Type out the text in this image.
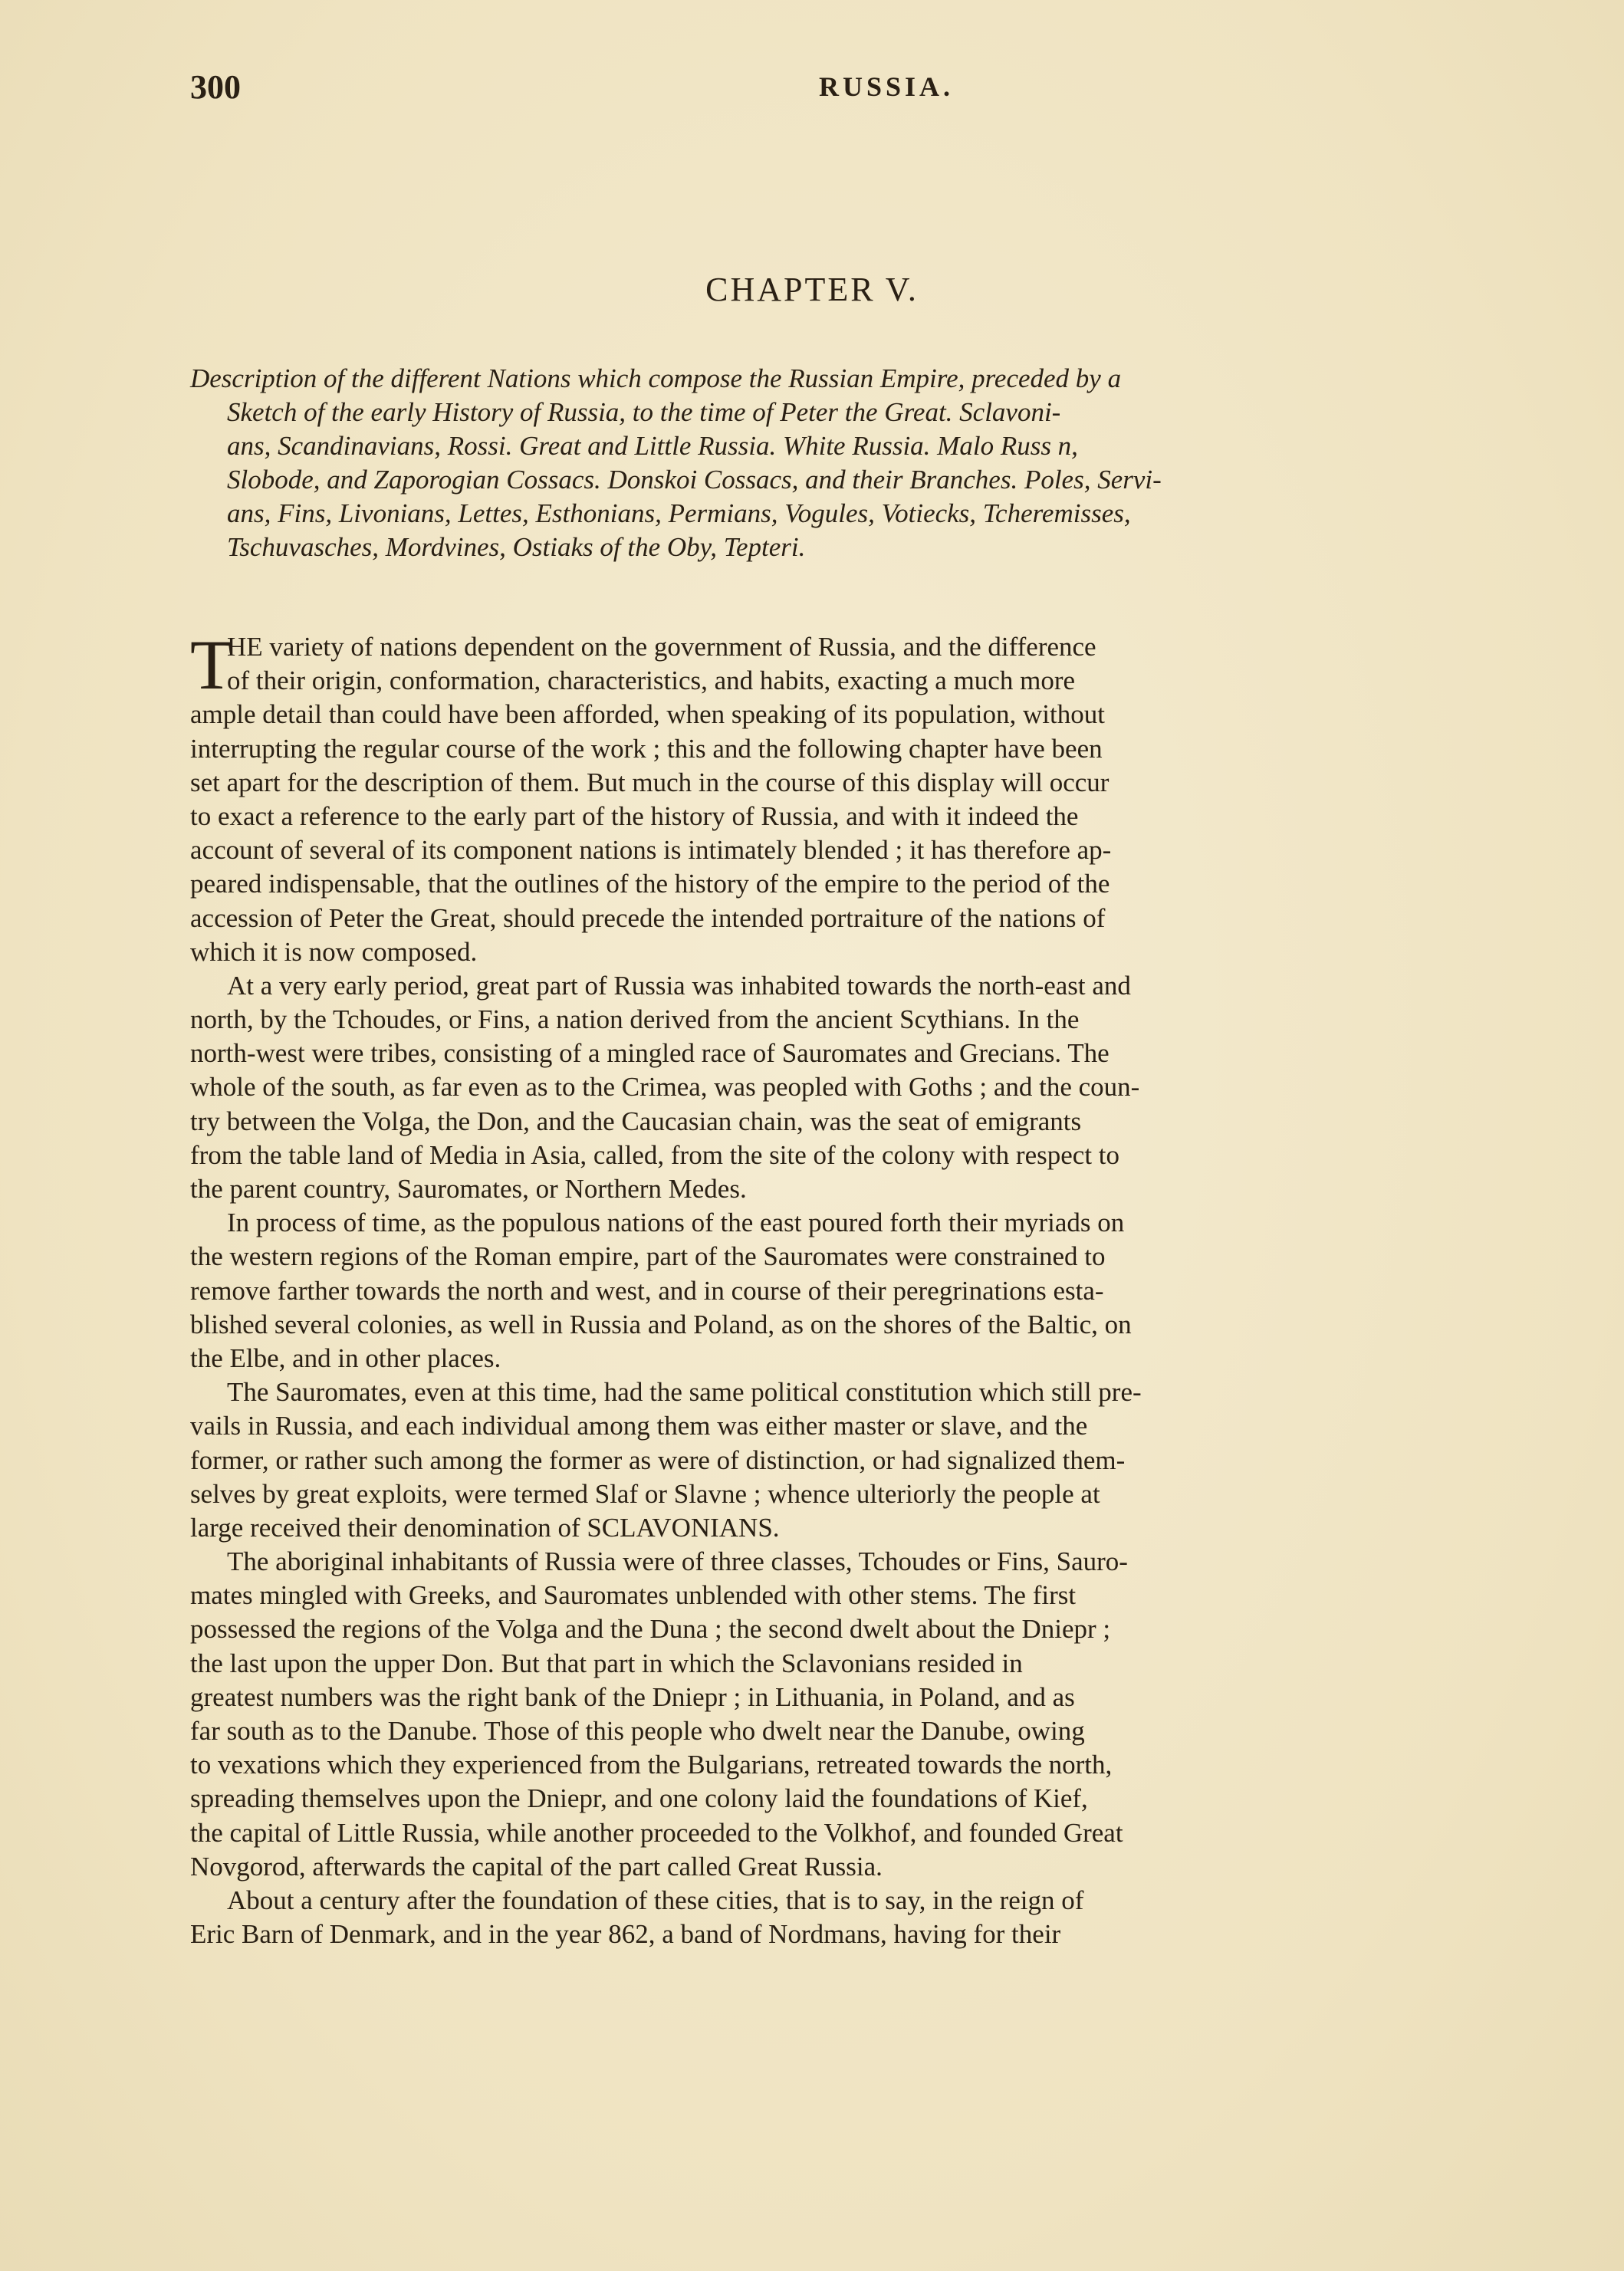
300	RUSSIA.
CHAPTER V.
Description of the different Nations which compose the Russian Empire, preceded by a
Sketch of the early History of Russia, to the time of Peter the Great. Sclavoni-
ans, Scandinavians, Rossi. Great and Little Russia. White Russia. Malo Russ n,
Slobode, and Zaporogian Cossacs. Donskoi Cossacs, and their Branches. Poles, Servi-
ans, Fins, Livonians, Lettes, Esthonians, Permians, Vogules, Votiecks, Tcheremisses,
Tschuvasches, Mordvines, Ostiaks of the Oby, Tepteri.
T
HE variety of nations dependent on the government of Russia, and the difference
of their origin, conformation, characteristics, and habits, exacting a much more
ample detail than could have been afforded, when speaking of its population, without
interrupting the regular course of the work ; this and the following chapter have been
set apart for the description of them. But much in the course of this display will occur
to exact a reference to the early part of the history of Russia, and with it indeed the
account of several of its component nations is intimately blended ; it has therefore ap-
peared indispensable, that the outlines of the history of the empire to the period of the
accession of Peter the Great, should precede the intended portraiture of the nations of
which it is now composed.
At a very early period, great part of Russia was inhabited towards the north-east and
north, by the Tchoudes, or Fins, a nation derived from the ancient Scythians. In the
north-west were tribes, consisting of a mingled race of Sauromates and Grecians. The
whole of the south, as far even as to the Crimea, was peopled with Goths ; and the coun-
try between the Volga, the Don, and the Caucasian chain, was the seat of emigrants
from the table land of Media in Asia, called, from the site of the colony with respect to
the parent country, Sauromates, or Northern Medes.
In process of time, as the populous nations of the east poured forth their myriads on
the western regions of the Roman empire, part of the Sauromates were constrained to
remove farther towards the north and west, and in course of their peregrinations esta-
blished several colonies, as well in Russia and Poland, as on the shores of the Baltic, on
the Elbe, and in other places.
The Sauromates, even at this time, had the same political constitution which still pre-
vails in Russia, and each individual among them was either master or slave, and the
former, or rather such among the former as were of distinction, or had signalized them-
selves by great exploits, were termed Slaf or Slavne ; whence ulteriorly the people at
large received their denomination of SCLAVONIANS.
The aboriginal inhabitants of Russia were of three classes, Tchoudes or Fins, Sauro-
mates mingled with Greeks, and Sauromates unblended with other stems. The first
possessed the regions of the Volga and the Duna ; the second dwelt about the Dniepr ;
the last upon the upper Don. But that part in which the Sclavonians resided in
greatest numbers was the right bank of the Dniepr ; in Lithuania, in Poland, and as
far south as to the Danube. Those of this people who dwelt near the Danube, owing
to vexations which they experienced from the Bulgarians, retreated towards the north,
spreading themselves upon the Dniepr, and one colony laid the foundations of Kief,
the capital of Little Russia, while another proceeded to the Volkhof, and founded Great
Novgorod, afterwards the capital of the part called Great Russia.
About a century after the foundation of these cities, that is to say, in the reign of
Eric Barn of Denmark, and in the year 862, a band of Nordmans, having for their
